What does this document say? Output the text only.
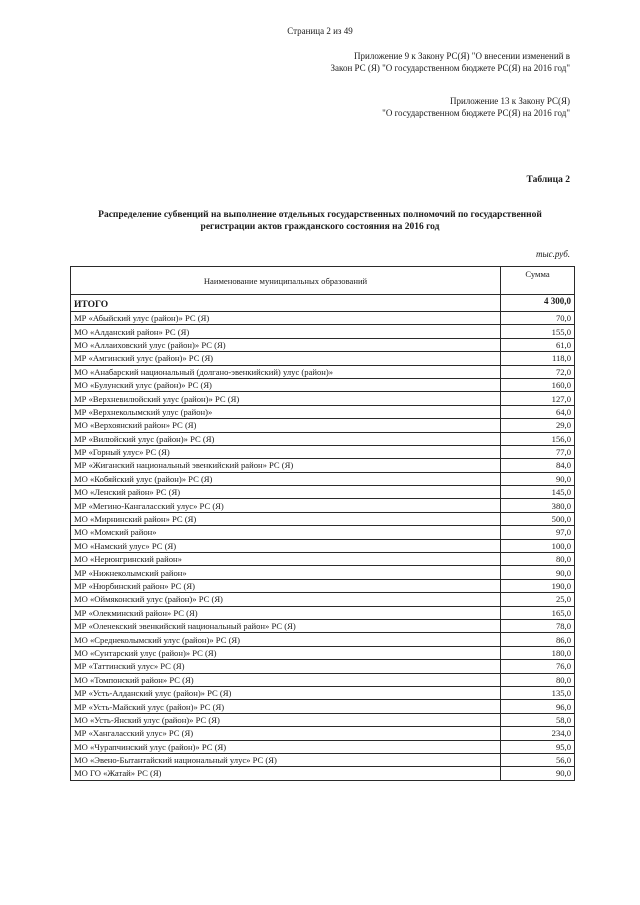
Страница 2 из 49
Приложение 9 к Закону РС(Я) "О внесении изменений в
Закон РС (Я) "О государственном бюджете РС(Я) на 2016 год"
Приложение 13 к Закону РС(Я)
"О государственном бюджете РС(Я) на 2016 год"
Таблица 2
Распределение субвенций на выполнение отдельных государственных полномочий по государственной
регистрации актов гражданского состояния на 2016 год
тыс.руб.
Наименование муниципальных образований	Сумма
ИТОГО	4 300,0
МР «Абыйский улус (район)» РС (Я)	70,0
МО «Алданский район» РС (Я)	155,0
МО «Аллаиховский улус (район)» РС (Я)	61,0
МР «Амгинский улус (район)» РС (Я)	118,0
МО «Анабарский национальный (долгано-эвенкийский) улус (район)»	72,0
МО «Булунский улус (район)» РС (Я)	160,0
МР «Верхневилюйский улус (район)» РС (Я)	127,0
МР «Верхнеколымский улус (район)»	64,0
МО «Верхоянский район» РС (Я)	29,0
МР «Вилюйский улус (район)» РС (Я)	156,0
МР «Горный улус» РС (Я)	77,0
МР «Жиганский национальный эвенкийский район» РС (Я)	84,0
МО «Кобяйский улус (район)» РС (Я)	90,0
МО «Ленский район» РС (Я)	145,0
МР «Мегино-Кангаласский улус» РС (Я)	380,0
МО «Мирнинский район» РС (Я)	500,0
МО «Момский район»	97,0
МО «Намский улус» РС (Я)	100,0
МО «Нерюнгринский район»	80,0
МР «Нижнеколымский район»	90,0
МР «Нюрбинский район» РС (Я)	190,0
МО «Оймяконский улус (район)» РС (Я)	25,0
МР «Олекминский район» РС (Я)	165,0
МР «Оленекский эвенкийский национальный район» РС (Я)	78,0
МО «Среднеколымский улус (район)» РС (Я)	86,0
МО «Сунтарский улус (район)» РС (Я)	180,0
МР «Таттинский улус» РС (Я)	76,0
МО «Томпонский район» РС (Я)	80,0
МР «Усть-Алданский улус (район)» РС (Я)	135,0
МР «Усть-Майский улус (район)» РС (Я)	96,0
МО «Усть-Янский улус (район)» РС (Я)	58,0
МР «Хангаласский улус» РС (Я)	234,0
МО «Чурапчинский улус (район)» РС (Я)	95,0
МО «Эвено-Бытантайский национальный улус» РС (Я)	56,0
МО ГО «Жатай» РС (Я)	90,0
